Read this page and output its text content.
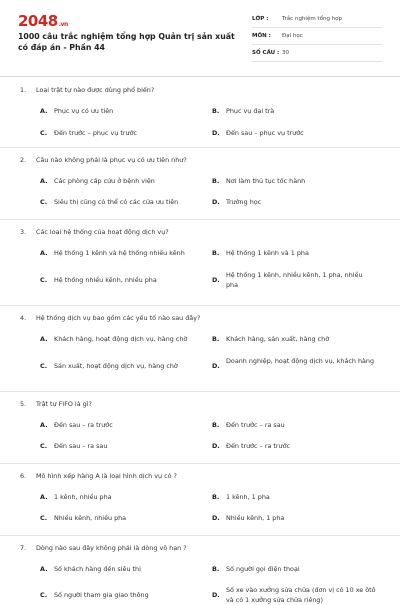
2048.vn
1000 câu trắc nghiệm tổng hợp Quản trị sản xuất có đáp án - Phần 44
LỚP : Trắc nghiệm tổng hợp
MÔN : Đại học
SỐ CÂU : 30
1. Loại trật tự nào được dùng phổ biến?
A.	Phục vụ có ưu tiên	B.	Phục vụ đại trà
C.	Đến trước – phục vụ trước	D. Đến sau – phục vụ trước
2. Câu nào không phải là phục vụ có ưu tiên như?
A.	Các phòng cấp cứu ở bệnh viện	B.	Nơi làm thủ tục tốc hành
C.	Siêu thị cũng có thể có các cửa ưu tiên	D. Trường học
3. Các loại hệ thống của hoạt động dịch vụ?
A.	Hệ thống 1 kênh và hệ thống nhiều kênh	B.	Hệ thống 1 kênh và 1 pha
C.	Hệ thống nhiều kênh, nhiều pha	D.
Hệ thống 1 kênh, nhiều kênh, 1 pha, nhiều pha
4. Hệ thống dịch vụ bao gồm các yếu tố nào sau đây?
A.	Khách hàng, hoạt động dịch vụ, hàng chờ	B.	Khách hàng, sản xuất, hàng chờ
C.	Sản xuất, hoạt động dịch vụ, hàng chờ	D.
Doanh nghiệp, hoạt động dịch vụ, khách hàng
5. Trật tự FIFO là gì?
A.	Đến sau – ra trước	B.	Đến trước – ra sau
C.	Đến sau – ra sau	D. Đến trước – ra trước
6. Mô hình xếp hàng A là loại hình dịch vụ có ?
A.	1 kênh, nhiều pha	B.	1 kênh, 1 pha
C.	Nhiều kênh, nhiều pha	D. Nhiều kênh, 1 pha
7. Dòng nào sau đây không phải là dòng vô hạn ?
A.	Số khách hàng đến siêu thị	B.	Số người gọi điện thoại
C.	Số người tham gia giao thông	D.
Số xe vào xưởng sửa chữa (đơn vị có 10 xe ôtô và có 1 xưởng sửa chữa riêng)
